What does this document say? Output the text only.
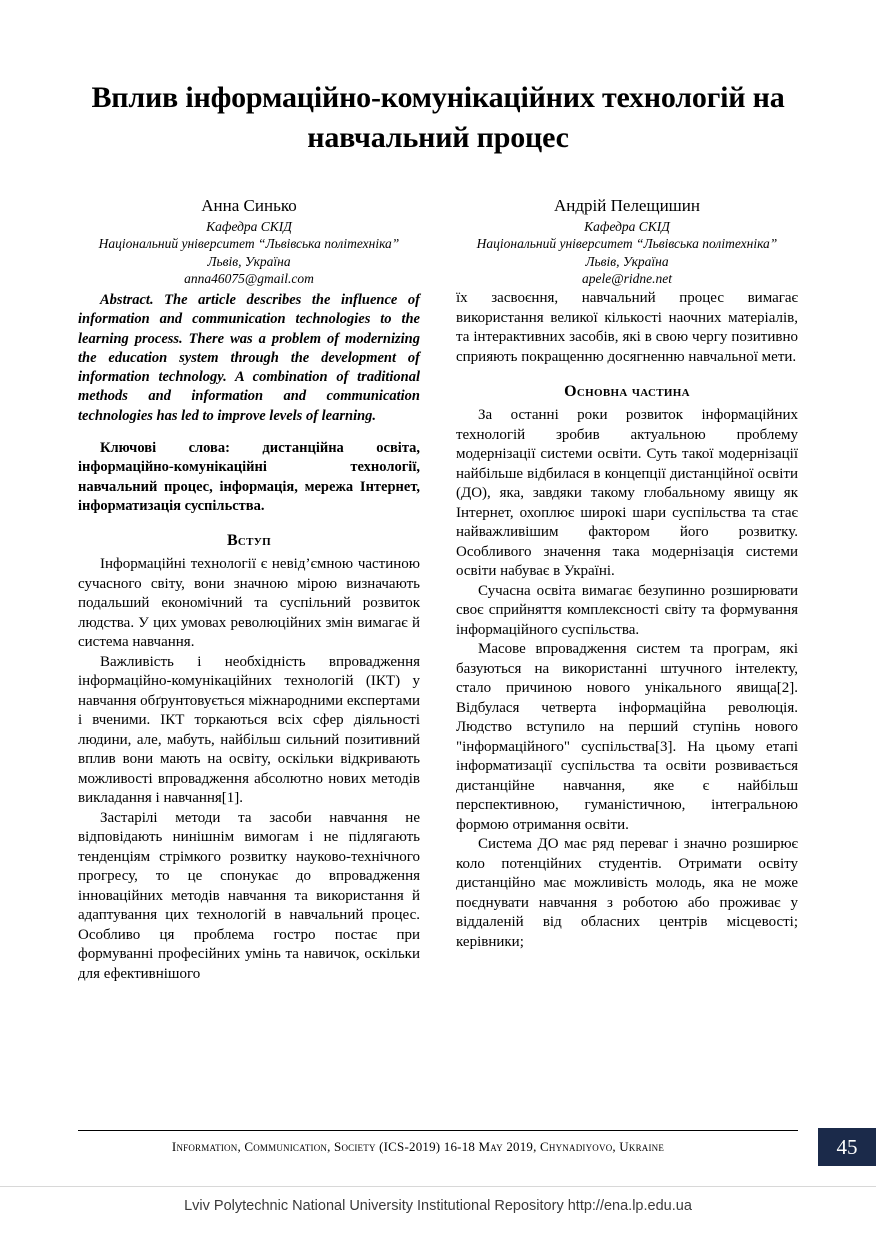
Вплив інформаційно-комунікаційних технологій на навчальний процес
Анна Синько
Кафедра СКІД
Національний університет “Львівська політехніка”
Львів, Україна
anna46075@gmail.com
Abstract. The article describes the influence of information and communication technologies to the learning process. There was a problem of modernizing the education system through the development of information technology. A combination of traditional methods and information and communication technologies has led to improve levels of learning.
Ключові слова: дистанційна освіта, інформаційно-комунікаційні технології, навчальний процес, інформація, мережа Інтернет, інформатизація суспільства.
Вступ

Інформаційні технології є невід’ємною частиною сучасного світу, вони значною мірою визначають подальший економічний та суспільний розвиток людства. У цих умовах революційних змін вимагає й система навчання.

Важливість і необхідність впровадження інформаційно-комунікаційних технологій (ІКТ) у навчання обґрунтовується міжнародними експертами і вченими. ІКТ торкаються всіх сфер діяльності людини, але, мабуть, найбільш сильний позитивний вплив вони мають на освіту, оскільки відкривають можливості впровадження абсолютно нових методів викладання і навчання[1].

Застарілі методи та засоби навчання не відповідають нинішнім вимогам і не підлягають тенденціям стрімкого розвитку науково-технічного прогресу, то це спонукає до впровадження інноваційних методів навчання та використання й адаптування цих технологій в навчальний процес. Особливо ця проблема гостро постає при формуванні професійних умінь та навичок, оскільки для ефективнішого

Андрій Пелещишин
Кафедра СКІД
Національний університет “Львівська політехніка”
Львів, Україна
apele@ridne.net

їх засвоєння, навчальний процес вимагає використання великої кількості наочних матеріалів, та інтерактивних засобів, які в свою чергу позитивно сприяють покращенню досягненню навчальної мети.

Основна частина

За останні роки розвиток інформаційних технологій зробив актуальною проблему модернізації системи освіти. Суть такої модернізації найбільше відбилася в концепції дистанційної освіти (ДО), яка, завдяки такому глобальному явищу як Інтернет, охоплює широкі шари суспільства та стає найважливішим фактором його розвитку. Особливого значення така модернізація системи освіти набуває в Україні.

Сучасна освіта вимагає безупинно розширювати своє сприйняття комплексності світу та формування інформаційного суспільства.

Масове впровадження систем та програм, які базуються на використанні штучного інтелекту, стало причиною нового унікального явища[2]. Відбулася четверта інформаційна революція. Людство вступило на перший ступінь нового "інформаційного" суспільства[3]. На цьому етапі інформатизації суспільства та освіти розвивається дистанційне навчання, яке є найбільш перспективною, гуманістичною, інтегральною формою отримання освіти.

Система ДО має ряд переваг і значно розширює коло потенційних студентів. Отримати освіту дистанційно має можливість молодь, яка не може поєднувати навчання з роботою або проживає у віддаленій від обласних центрів місцевості; керівники;

Information, Communication, Society (ICS-2019) 16-18 May 2019, Chynadiyovo, Ukraine	45
Lviv Polytechnic National University Institutional Repository http://ena.lp.edu.ua
